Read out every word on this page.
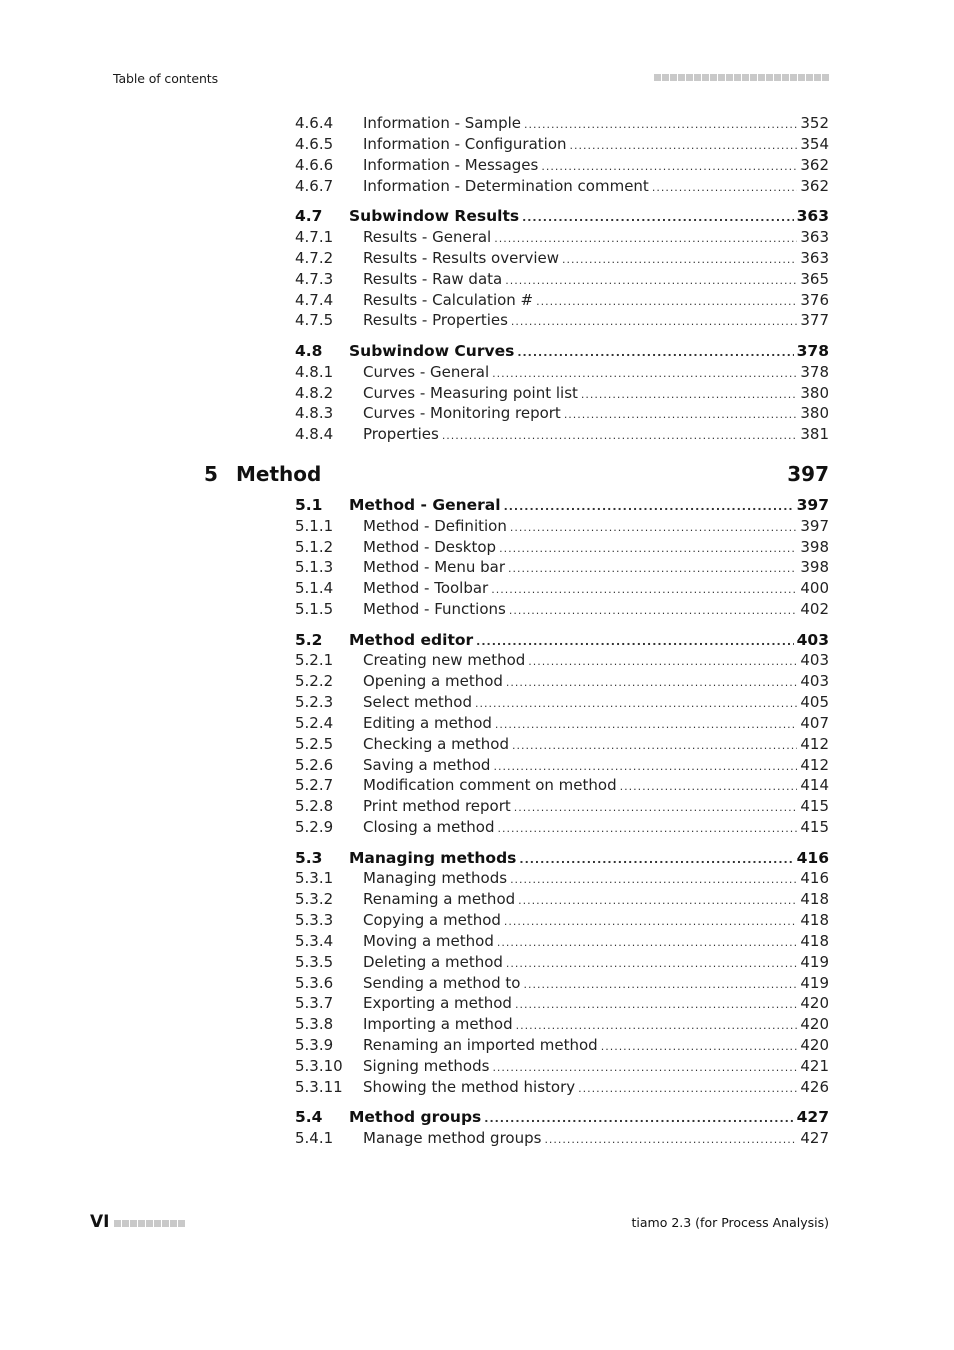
Table of contents
4.6.4	Information - Sample .....	352
4.6.5	Information - Configuration .....	354
4.6.6	Information - Messages .....	362
4.6.7	Information - Determination comment .....	362
4.7	Subwindow Results .....	363
4.7.1	Results - General .....	363
4.7.2	Results - Results overview .....	363
4.7.3	Results - Raw data .....	365
4.7.4	Results - Calculation # .....	376
4.7.5	Results - Properties .....	377
4.8	Subwindow Curves .....	378
4.8.1	Curves - General .....	378
4.8.2	Curves - Measuring point list .....	380
4.8.3	Curves - Monitoring report .....	380
4.8.4	Properties .....	381
5.1	Method - General .....	397
5.1.1	Method - Definition .....	397
5.1.2	Method - Desktop .....	398
5.1.3	Method - Menu bar .....	398
5.1.4	Method - Toolbar .....	400
5.1.5	Method - Functions .....	402
5.2	Method editor .....	403
5.2.1	Creating new method .....	403
5.2.2	Opening a method .....	403
5.2.3	Select method .....	405
5.2.4	Editing a method .....	407
5.2.5	Checking a method .....	412
5.2.6	Saving a method .....	412
5.2.7	Modification comment on method .....	414
5.2.8	Print method report .....	415
5.2.9	Closing a method .....	415
5.3	Managing methods .....	416
5.3.1	Managing methods .....	416
5.3.2	Renaming a method .....	418
5.3.3	Copying a method .....	418
5.3.4	Moving a method .....	418
5.3.5	Deleting a method .....	419
5.3.6	Sending a method to .....	419
5.3.7	Exporting a method .....	420
5.3.8	Importing a method .....	420
5.3.9	Renaming an imported method .....	420
5.3.10	Signing methods .....	421
5.3.11	Showing the method history .....	426
5.4	Method groups .....	427
5.4.1	Manage method groups .....	427
5 Method	397
VI	tiamo 2.3 (for Process Analysis)
